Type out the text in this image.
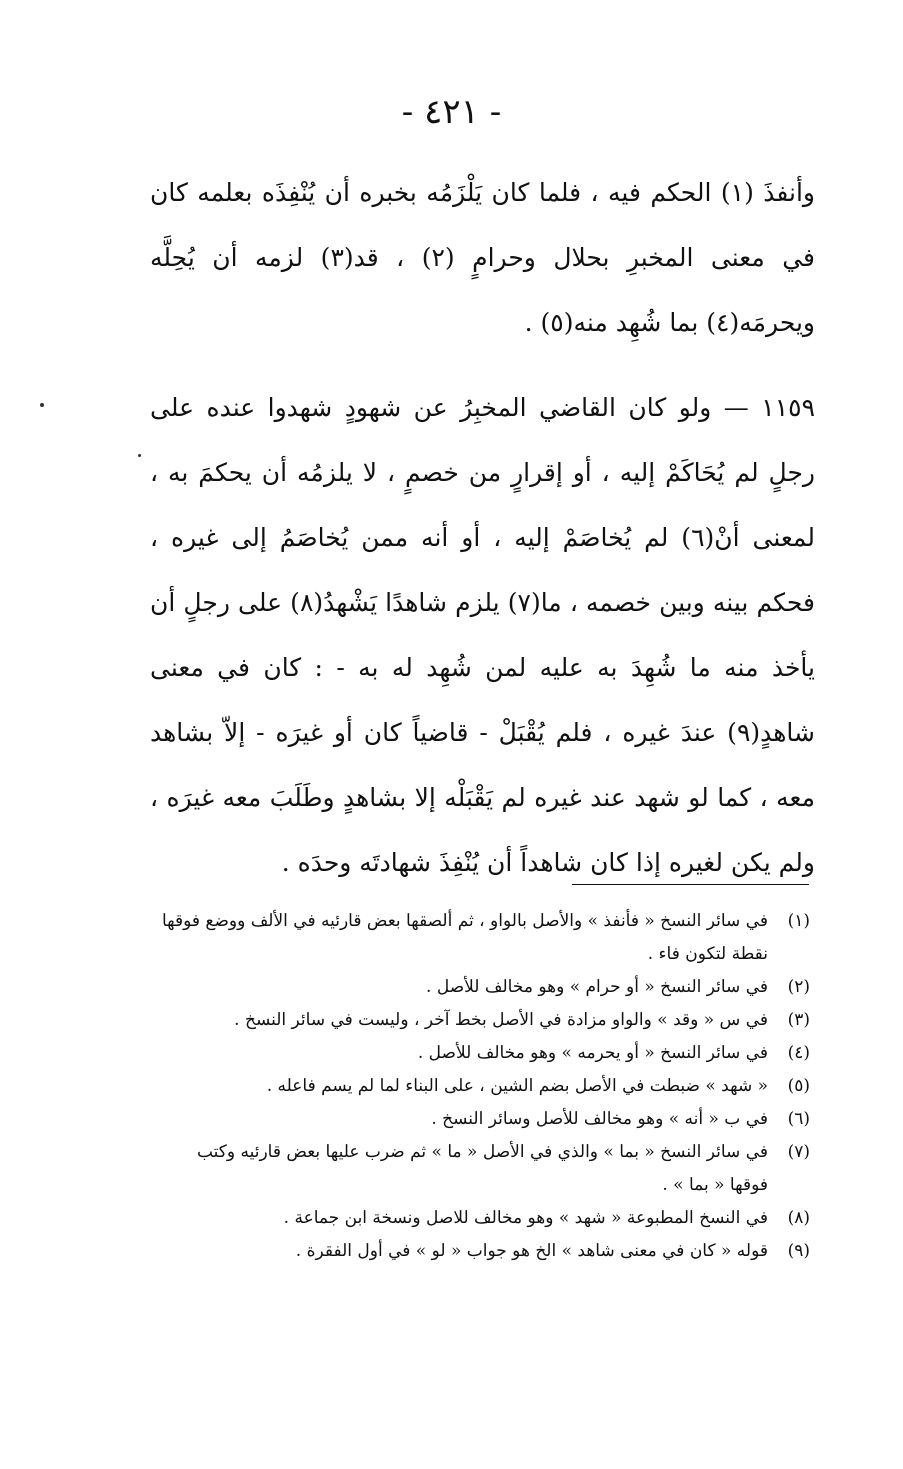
- ٤٢١ -

وأنفذَ (١) الحكم فيه ، فلما كان يَلْزَمُه بخبره أن يُنْفِذَه بعلمه كان في معنى المخبرِ بحلال وحرامٍ (٢) ، قد(٣) لزمه أن يُحِلَّه ويحرمَه(٤) بما شُهِد منه(٥) .

١١٥٩ — ولو كان القاضي المخبِرُ عن شهودٍ شهدوا عنده على رجلٍ لم يُحَاكَمْ إليه ، أو إقرارٍ من خصمٍ ، لا يلزمُه أن يحكمَ به ، لمعنى أنْ(٦) لم يُخاصَمْ إليه ، أو أنه ممن يُخاصَمُ إلى غيره ، فحكم بينه وبين خصمه ، ما(٧) يلزم شاهدًا يَشْهدُ(٨) على رجلٍ أن يأخذ منه ما شُهِدَ به عليه لمن شُهِد له به - : كان في معنى شاهدٍ(٩) عندَ غيره ، فلم يُقْبَلْ - قاضياً كان أو غيرَه - إلاّ بشاهد معه ، كما لو شهد عند غيره لم يَقْبَلْه إلا بشاهدٍ وطَلَبَ معه غيرَه ، ولم يكن لغيره إذا كان شاهداً أن يُنْفِذَ شهادتَه وحدَه .

(١)
في سائر النسخ « فأنفذ » والأصل بالواو ، ثم ألصقها بعض قارئيه في الألف ووضع فوقها نقطة لتكون فاء .
(٢)
في سائر النسخ « أو حرام » وهو مخالف للأصل .
(٣)
في س « وقد » والواو مزادة في الأصل بخط آخر ، وليست في سائر النسخ .
(٤)
في سائر النسخ « أو يحرمه » وهو مخالف للأصل .
(٥)
« شهد » ضبطت في الأصل بضم الشين ، على البناء لما لم يسم فاعله .
(٦)
في ب « أنه » وهو مخالف للأصل وسائر النسخ .
(٧)
في سائر النسخ « بما » والذي في الأصل « ما » ثم ضرب عليها بعض قارئيه وكتب فوقها « بما » .
(٨)
في النسخ المطبوعة « شهد » وهو مخالف للاصل ونسخة ابن جماعة .
(٩)
قوله « كان في معنى شاهد » الخ هو جواب « لو » في أول الفقرة .
